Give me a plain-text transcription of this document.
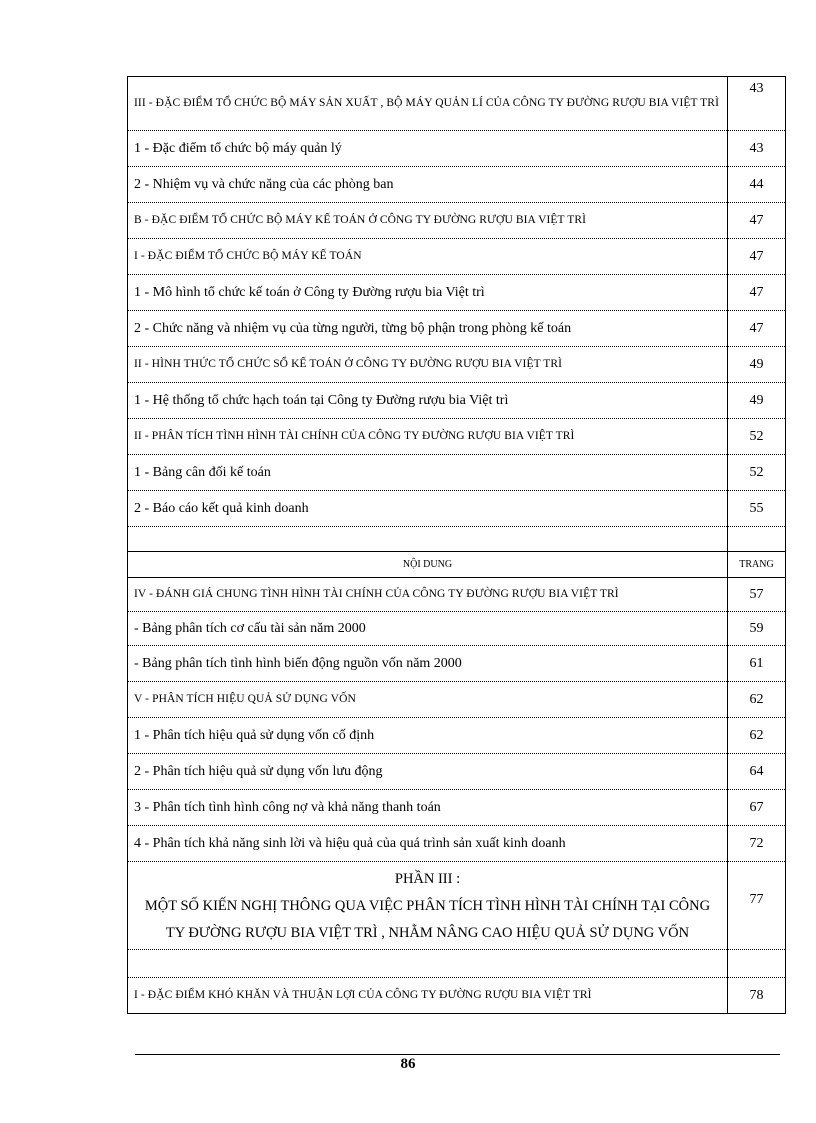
III - ĐẶC ĐIỂM TỔ CHỨC BỘ MÁY SẢN XUẤT , BỘ MÁY QUẢN LÍ CỦA CÔNG TY ĐƯỜNG RƯỢU BIA VIỆT TRÌ	43
1 - Đặc điểm tổ chức bộ máy quản lý	43
2 - Nhiệm vụ và chức năng của các phòng ban	44
B - ĐẶC ĐIỂM TỔ CHỨC BỘ MÁY KẾ TOÁN Ở CÔNG TY ĐƯỜNG RƯỢU BIA VIỆT TRÌ	47
I - ĐẶC ĐIỂM TỔ CHỨC BỘ MÁY KẾ TOÁN	47
1 - Mô hình tổ chức kế toán ở Công ty Đường rượu bia Việt trì	47
2 - Chức năng và nhiệm vụ của từng người, từng bộ phận trong phòng kế toán	47
II - HÌNH THỨC TỔ CHỨC SỔ KẾ TOÁN Ở CÔNG TY ĐƯỜNG RƯỢU BIA VIỆT TRÌ	49
1 - Hệ thống tổ chức hạch toán tại Công ty Đường rượu bia Việt trì	49
II - PHÂN TÍCH TÌNH HÌNH TÀI CHÍNH CỦA CÔNG TY ĐƯỜNG RƯỢU BIA VIỆT TRÌ	52
1 - Bảng cân đối kế toán	52
2 - Báo cáo kết quả kinh doanh	55

NỘI DUNG	TRANG
IV - ĐÁNH GIÁ CHUNG TÌNH HÌNH TÀI CHÍNH CỦA CÔNG TY ĐƯỜNG RƯỢU BIA VIỆT TRÌ	57
- Bảng phân tích cơ cấu tài sản năm 2000	59
- Bảng phân tích tình hình biến động nguồn vốn năm 2000	61
V - PHÂN TÍCH HIỆU QUẢ SỬ DỤNG VỐN	62
1 - Phân tích hiệu quả sử dụng vốn cố định	62
2 - Phân tích hiệu quả sử dụng vốn lưu động	64
3 - Phân tích tình hình công nợ và khả năng thanh toán	67
4 - Phân tích khả năng sinh lời và hiệu quả của quá trình sản xuất kinh doanh	72

PHẦN III :
MỘT SỐ KIẾN NGHỊ THÔNG QUA VIỆC PHÂN TÍCH TÌNH HÌNH TÀI CHÍNH TẠI CÔNG
TY ĐƯỜNG RƯỢU BIA VIỆT TRÌ , NHẰM NÂNG CAO HIỆU QUẢ SỬ DỤNG VỐN	77

I - ĐẶC ĐIỂM KHÓ KHĂN VÀ THUẬN LỢI CỦA CÔNG TY ĐƯỜNG RƯỢU BIA VIỆT TRÌ	78
86
